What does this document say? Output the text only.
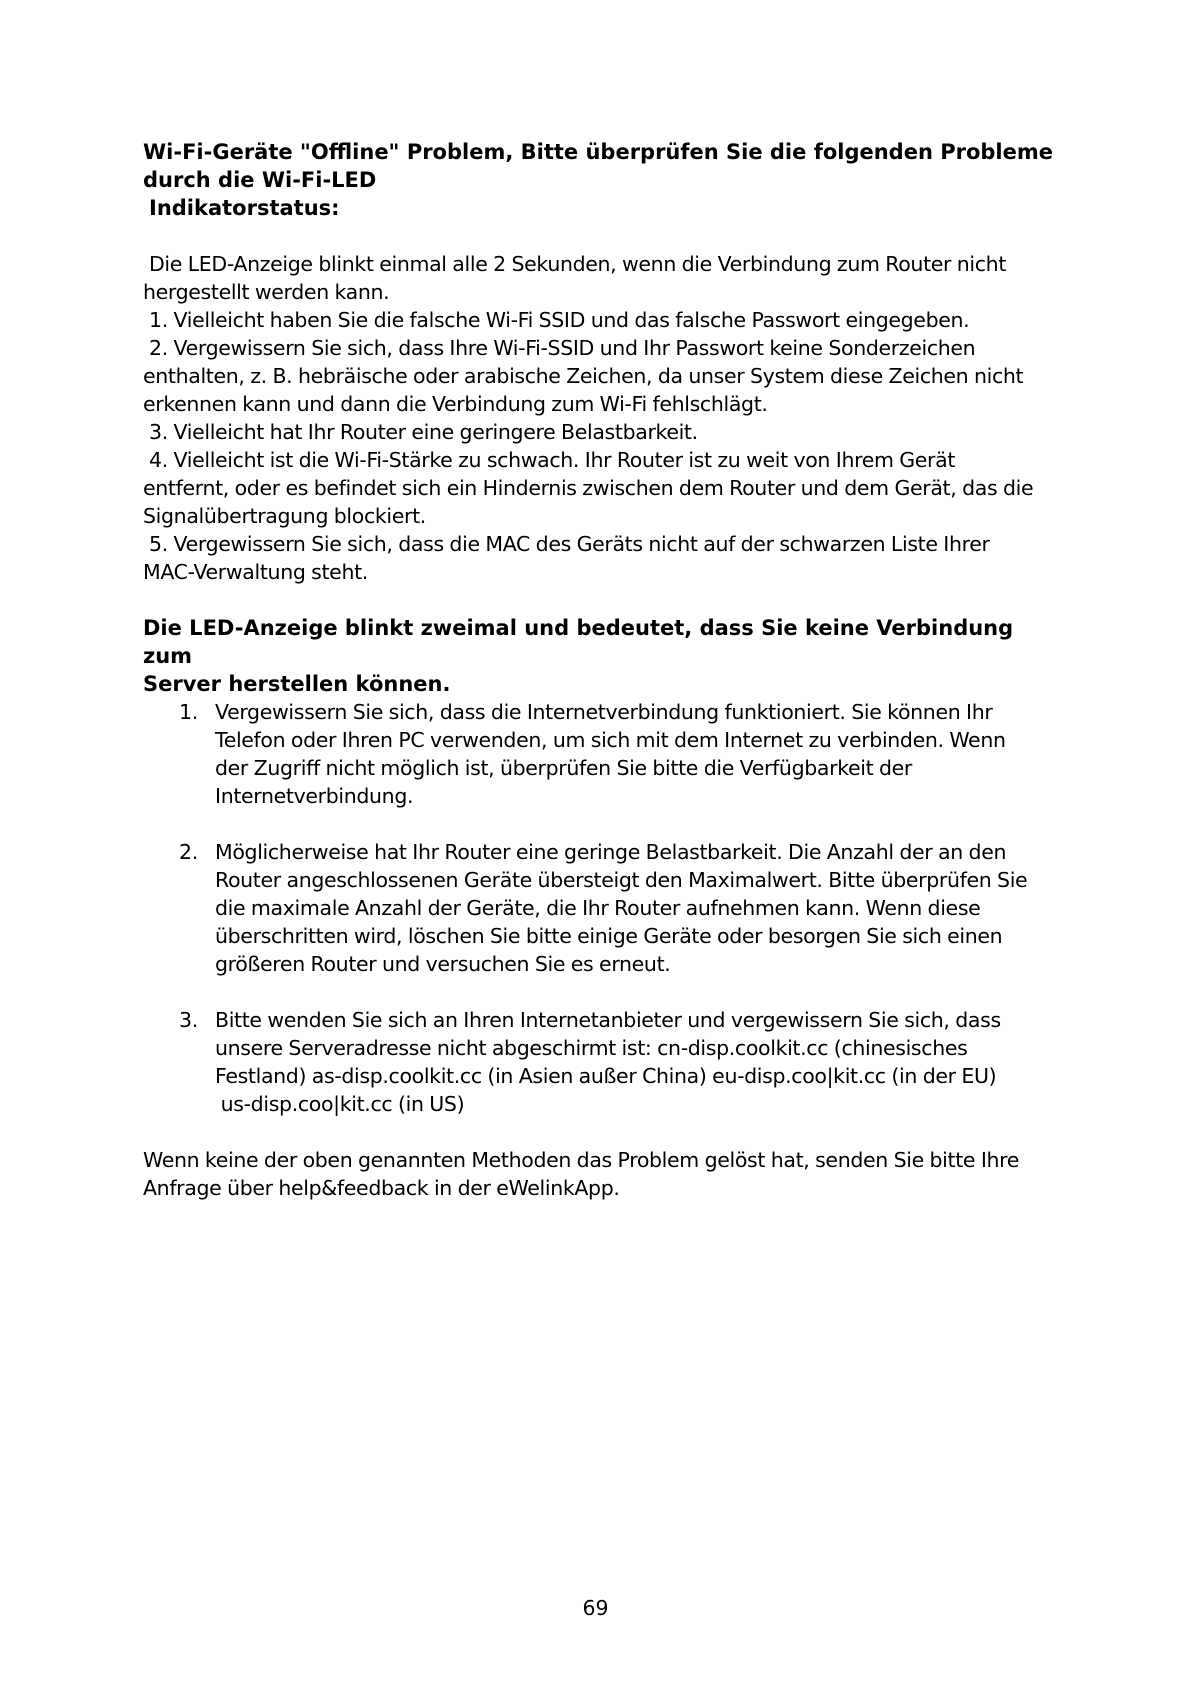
Wi-Fi-Geräte "Offline" Problem, Bitte überprüfen Sie die folgenden Probleme

durch die Wi-Fi-LED

Indikatorstatus:

Die LED-Anzeige blinkt einmal alle 2 Sekunden, wenn die Verbindung zum Router nicht

hergestellt werden kann.

1. Vielleicht haben Sie die falsche Wi-Fi SSID und das falsche Passwort eingegeben.

2. Vergewissern Sie sich, dass Ihre Wi-Fi-SSID und Ihr Passwort keine Sonderzeichen

enthalten, z. B. hebräische oder arabische Zeichen, da unser System diese Zeichen nicht

erkennen kann und dann die Verbindung zum Wi-Fi fehlschlägt.

3. Vielleicht hat Ihr Router eine geringere Belastbarkeit.

4. Vielleicht ist die Wi-Fi-Stärke zu schwach. Ihr Router ist zu weit von Ihrem Gerät

entfernt, oder es befindet sich ein Hindernis zwischen dem Router und dem Gerät, das die

Signalübertragung blockiert.

5. Vergewissern Sie sich, dass die MAC des Geräts nicht auf der schwarzen Liste Ihrer

MAC-Verwaltung steht.

Die LED-Anzeige blinkt zweimal und bedeutet, dass Sie keine Verbindung zum

Server herstellen können.

1. Vergewissern Sie sich, dass die Internetverbindung funktioniert. Sie können Ihr
Telefon oder Ihren PC verwenden, um sich mit dem Internet zu verbinden. Wenn
der Zugriff nicht möglich ist, überprüfen Sie bitte die Verfügbarkeit der
Internetverbindung.
2. Möglicherweise hat Ihr Router eine geringe Belastbarkeit. Die Anzahl der an den
Router angeschlossenen Geräte übersteigt den Maximalwert. Bitte überprüfen Sie
die maximale Anzahl der Geräte, die Ihr Router aufnehmen kann. Wenn diese
überschritten wird, löschen Sie bitte einige Geräte oder besorgen Sie sich einen
größeren Router und versuchen Sie es erneut.
3. Bitte wenden Sie sich an Ihren Internetanbieter und vergewissern Sie sich, dass
unsere Serveradresse nicht abgeschirmt ist: cn-disp.coolkit.cc (chinesisches
Festland) as-disp.coolkit.cc (in Asien außer China) eu-disp.coo|kit.cc (in der EU)
us-disp.coo|kit.cc (in US)

Wenn keine der oben genannten Methoden das Problem gelöst hat, senden Sie bitte Ihre

Anfrage über help&feedback in der eWelinkApp.

69
